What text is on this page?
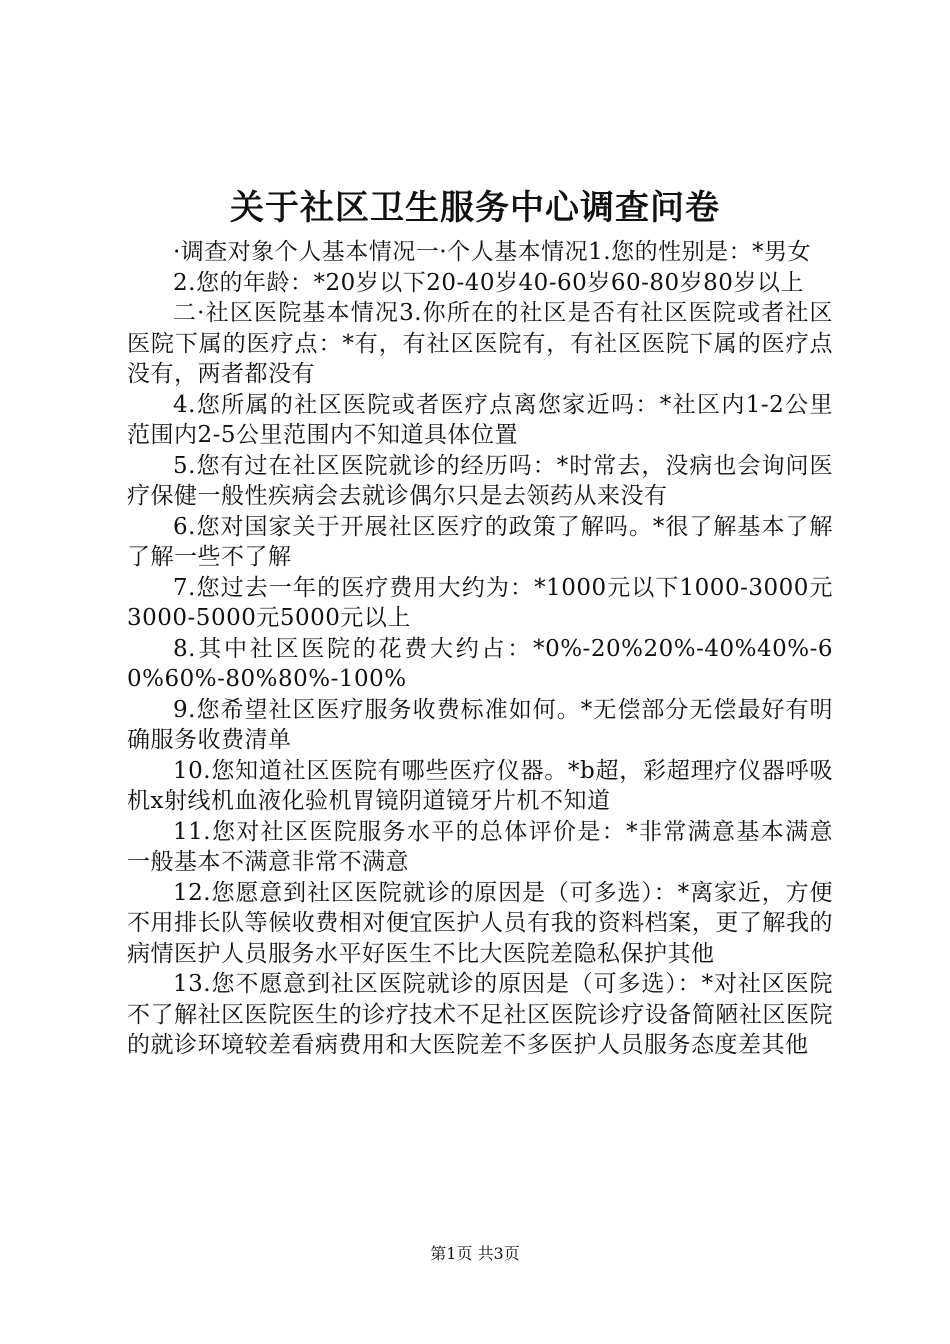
关于社区卫生服务中心调查问卷

·调查对象个人基本情况一·个人基本情况1.您的性别是：*男女

2.您的年龄：*20岁以下20-40岁40-60岁60-80岁80岁以上

二·社区医院基本情况3.你所在的社区是否有社区医院或者社区医院下属的医疗点：*有，有社区医院有，有社区医院下属的医疗点没有，两者都没有

4.您所属的社区医院或者医疗点离您家近吗：*社区内1-2公里范围内2-5公里范围内不知道具体位置

5.您有过在社区医院就诊的经历吗：*时常去，没病也会询问医疗保健一般性疾病会去就诊偶尔只是去领药从来没有

6.您对国家关于开展社区医疗的政策了解吗。*很了解基本了解了解一些不了解

7.您过去一年的医疗费用大约为：*1000元以下1000-3000元3000-5000元5000元以上

8.其中社区医院的花费大约占：*0%-20%20%-40%40%-60%60%-80%80%-100%

9.您希望社区医疗服务收费标准如何。*无偿部分无偿最好有明确服务收费清单

10.您知道社区医院有哪些医疗仪器。*b超，彩超理疗仪器呼吸机x射线机血液化验机胃镜阴道镜牙片机不知道

11.您对社区医院服务水平的总体评价是：*非常满意基本满意一般基本不满意非常不满意

12.您愿意到社区医院就诊的原因是（可多选）：*离家近，方便不用排长队等候收费相对便宜医护人员有我的资料档案，更了解我的病情医护人员服务水平好医生不比大医院差隐私保护其他

13.您不愿意到社区医院就诊的原因是（可多选）：*对社区医院不了解社区医院医生的诊疗技术不足社区医院诊疗设备简陋社区医院的就诊环境较差看病费用和大医院差不多医护人员服务态度差其他

第1页 共3页
